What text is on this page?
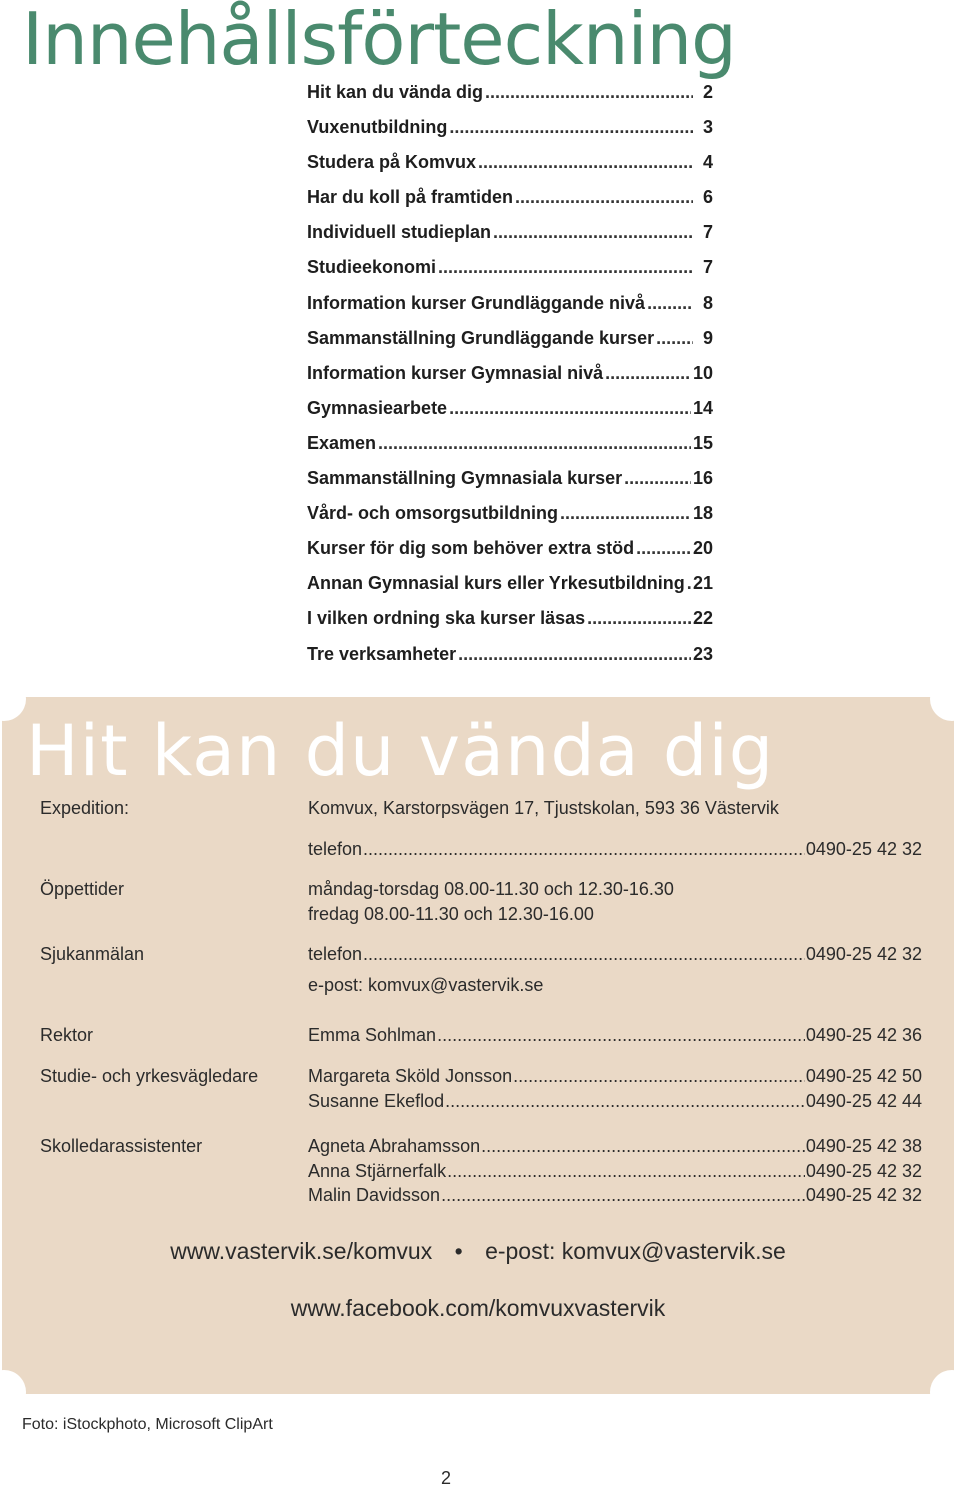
Innehållsförteckning
Hit kan du vända dig .....	2
Vuxenutbildning .....	3
Studera på Komvux .....	4
Har du koll på framtiden .....	6
Individuell studieplan .....	7
Studieekonomi .....	7
Information kurser Grundläggande nivå .....	8
Sammanställning Grundläggande kurser .....	9
Information kurser Gymnasial nivå .....	10
Gymnasiearbete .....	14
Examen .....	15
Sammanställning Gymnasiala kurser .....	16
Vård- och omsorgsutbildning .....	18
Kurser för dig som behöver extra stöd .....	20
Annan Gymnasial kurs eller Yrkesutbildning ..... 21
I vilken ordning ska kurser läsas .....	22
Tre verksamheter .....	23
Hit kan du vända dig
Expedition:	Komvux, Karstorpsvägen 17, Tjustskolan, 593 36 Västervik
telefon .....	0490-25 42 32
Öppettider	måndag-torsdag 08.00-11.30 och 12.30-16.30
fredag 08.00-11.30 och 12.30-16.00
Sjukanmälan	telefon .....	0490-25 42 32
e-post: komvux@vastervik.se
Rektor	Emma Sohlman .....	0490-25 42 36
Studie- och yrkesvägledare	Margareta Sköld Jonsson .....	0490-25 42 50
Susanne Ekeflod .....	0490-25 42 44
Skolledarassistenter	Agneta Abrahamsson .....	0490-25 42 38
Anna Stjärnerfalk .....	0490-25 42 32
Malin Davidsson .....	0490-25 42 32
www.vastervik.se/komvux • e-post: komvux@vastervik.se
www.facebook.com/komvuxvastervik
Foto: iStockphoto, Microsoft ClipArt
2
